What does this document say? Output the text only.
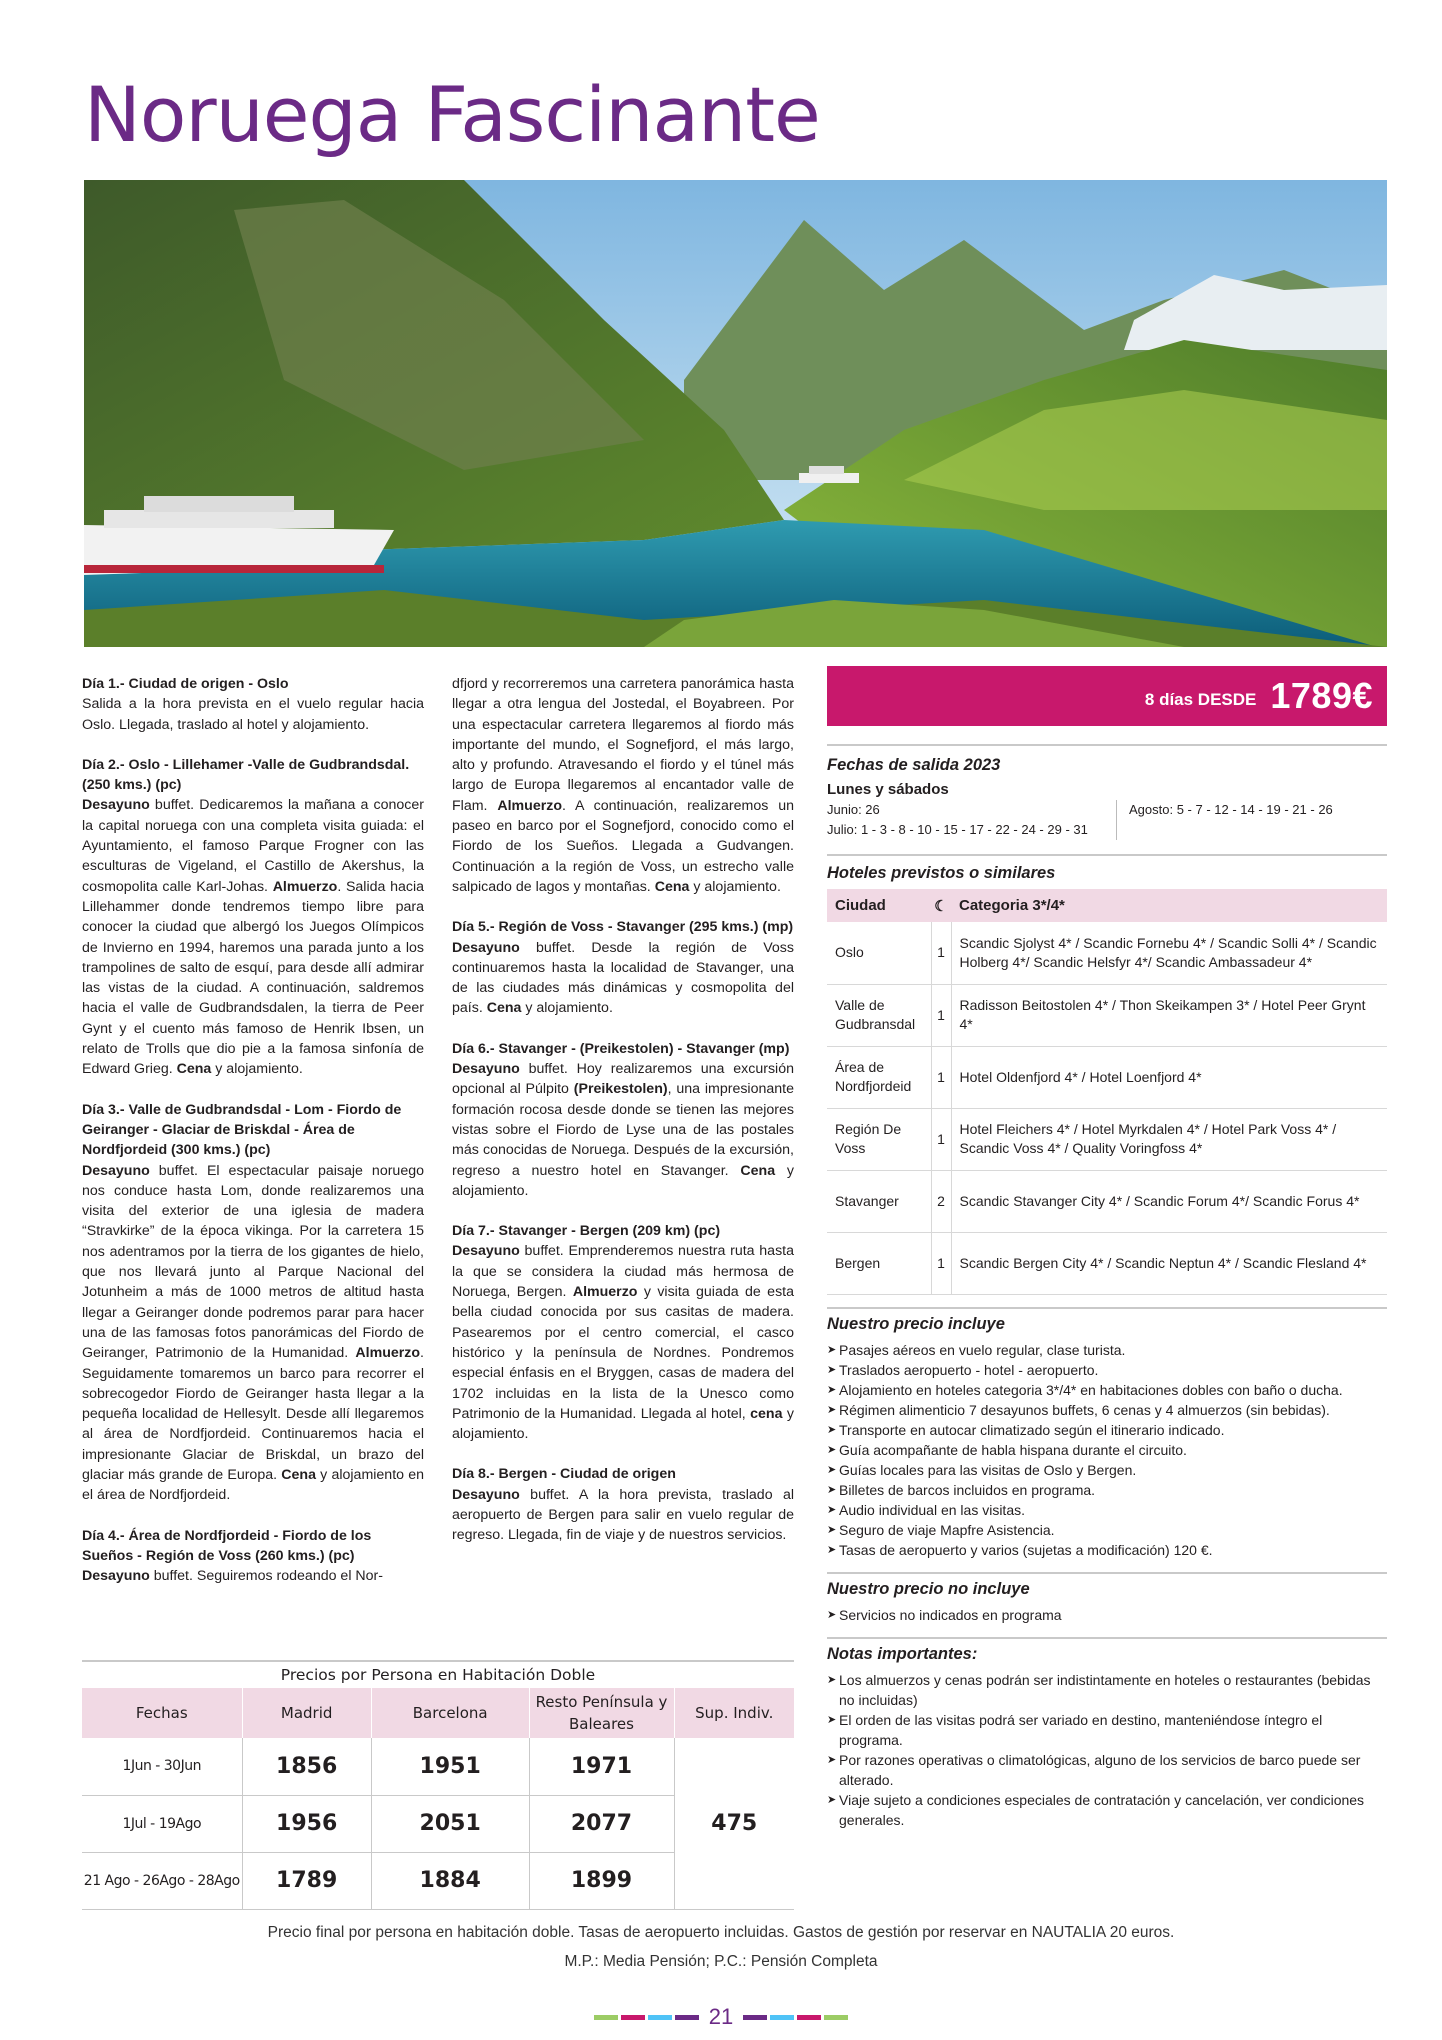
Noruega Fascinante
Día 1.- Ciudad de origen - Oslo

Salida a la hora prevista en el vuelo regular hacia Oslo. Llegada, traslado al hotel y alojamiento.

Día 2.- Oslo - Lillehamer -Valle de Gudbrandsdal.(250 kms.) (pc)

Desayuno buffet. Dedicaremos la mañana a conocer la capital noruega con una completa visita guiada: el Ayuntamiento, el famoso Parque Frogner con las esculturas de Vigeland, el Castillo de Akershus, la cosmopolita calle Karl-Johas. Almuerzo. Salida hacia Lillehammer donde tendremos tiempo libre para conocer la ciudad que albergó los Juegos Olímpicos de Invierno en 1994, haremos una parada junto a los trampolines de salto de esquí, para desde allí admirar las vistas de la ciudad. A continuación, saldremos hacia el valle de Gudbrandsdalen, la tierra de Peer Gynt y el cuento más famoso de Henrik Ibsen, un relato de Trolls que dio pie a la famosa sinfonía de Edward Grieg. Cena y alojamiento.

Día 3.- Valle de Gudbrandsdal - Lom - Fiordo de Geiranger - Glaciar de Briskdal - Área de Nordfjordeid (300 kms.) (pc)

Desayuno buffet. El espectacular paisaje noruego nos conduce hasta Lom, donde realizaremos una visita del exterior de una iglesia de madera “Stravkirke” de la época vikinga. Por la carretera 15 nos adentramos por la tierra de los gigantes de hielo, que nos llevará junto al Parque Nacional del Jotunheim a más de 1000 metros de altitud hasta llegar a Geiranger donde podremos parar para hacer una de las famosas fotos panorámicas del Fiordo de Geiranger, Patrimonio de la Humanidad. Almuerzo. Seguidamente tomaremos un barco para recorrer el sobrecogedor Fiordo de Geiranger hasta llegar a la pequeña localidad de Hellesylt. Desde allí llegaremos al área de Nordfjordeid. Continuaremos hacia el impresionante Glaciar de Briskdal, un brazo del glaciar más grande de Europa. Cena y alojamiento en el área de Nordfjordeid.

Día 4.- Área de Nordfjordeid - Fiordo de los Sueños - Región de Voss (260 kms.) (pc)

Desayuno buffet. Seguiremos rodeando el Nor-

dfjord y recorreremos una carretera panorámica hasta llegar a otra lengua del Jostedal, el Boyabreen. Por una espectacular carretera llegaremos al fiordo más importante del mundo, el Sognefjord, el más largo, alto y profundo. Atravesando el fiordo y el túnel más largo de Europa llegaremos al encantador valle de Flam. Almuerzo. A continuación, realizaremos un paseo en barco por el Sognefjord, conocido como el Fiordo de los Sueños. Llegada a Gudvangen. Continuación a la región de Voss, un estrecho valle salpicado de lagos y montañas. Cena y alojamiento.

Día 5.- Región de Voss - Stavanger (295 kms.) (mp)

Desayuno buffet. Desde la región de Voss continuaremos hasta la localidad de Stavanger, una de las ciudades más dinámicas y cosmopolita del país. Cena y alojamiento.

Día 6.- Stavanger - (Preikestolen) - Stavanger (mp)

Desayuno buffet. Hoy realizaremos una excursión opcional al Púlpito (Preikestolen), una impresionante formación rocosa desde donde se tienen las mejores vistas sobre el Fiordo de Lyse una de las postales más conocidas de Noruega. Después de la excursión, regreso a nuestro hotel en Stavanger. Cena y alojamiento.

Día 7.- Stavanger - Bergen (209 km) (pc)

Desayuno buffet. Emprenderemos nuestra ruta hasta la que se considera la ciudad más hermosa de Noruega, Bergen. Almuerzo y visita guiada de esta bella ciudad conocida por sus casitas de madera. Pasearemos por el centro comercial, el casco histórico y la península de Nordnes. Pondremos especial énfasis en el Bryggen, casas de madera del 1702 incluidas en la lista de la Unesco como Patrimonio de la Humanidad. Llegada al hotel, cena y alojamiento.

Día 8.- Bergen - Ciudad de origen

Desayuno buffet. A la hora prevista, traslado al aeropuerto de Bergen para salir en vuelo regular de regreso. Llegada, fin de viaje y de nuestros servicios.

8 días DESDE 1789€
Fechas de salida 2023
Lunes y sábados
Junio: 26
Julio: 1 - 3 - 8 - 10 - 15 - 17 - 22 - 24 - 29 - 31
Agosto: 5 - 7 - 12 - 14 - 19 - 21 - 26
Hoteles previstos o similares
Ciudad	☾	Categoria 3*/4*
Oslo	1	Scandic Sjolyst 4* / Scandic Fornebu 4* / Scandic Solli 4* / Scandic Holberg 4*/ Scandic Helsfyr 4*/ Scandic Ambassadeur 4*
Valle de Gudbransdal	1	Radisson Beitostolen 4* / Thon Skeikampen 3* / Hotel Peer Grynt 4*
Área de Nordfjordeid	1	Hotel Oldenfjord 4* / Hotel Loenfjord 4*
Región De Voss	1	Hotel Fleichers 4* / Hotel Myrkdalen 4* / Hotel Park Voss 4* / Scandic Voss 4* / Quality Voringfoss 4*
Stavanger	2	Scandic Stavanger City 4* / Scandic Forum 4*/ Scandic Forus 4*
Bergen	1	Scandic Bergen City 4* / Scandic Neptun 4* / Scandic Flesland 4*
Nuestro precio incluye
➤ Pasajes aéreos en vuelo regular, clase turista.
➤ Traslados aeropuerto - hotel - aeropuerto.
➤ Alojamiento en hoteles categoria 3*/4* en habitaciones dobles con baño o ducha.
➤ Régimen alimenticio 7 desayunos buffets, 6 cenas y 4 almuerzos (sin bebidas).
➤ Transporte en autocar climatizado según el itinerario indicado.
➤ Guía acompañante de habla hispana durante el circuito.
➤ Guías locales para las visitas de Oslo y Bergen.
➤ Billetes de barcos incluidos en programa.
➤ Audio individual en las visitas.
➤ Seguro de viaje Mapfre Asistencia.
➤ Tasas de aeropuerto y varios (sujetas a modificación) 120 €.
Nuestro precio no incluye
➤ Servicios no indicados en programa
Notas importantes:
➤ Los almuerzos y cenas podrán ser indistintamente en hoteles o restaurantes (bebidas no incluidas)
➤ El orden de las visitas podrá ser variado en destino, manteniéndose íntegro el programa.
➤ Por razones operativas o climatológicas, alguno de los servicios de barco puede ser alterado.
➤ Viaje sujeto a condiciones especiales de contratación y cancelación, ver condiciones generales.
Precios por Persona en Habitación Doble
Fechas	Madrid	Barcelona	Resto Península y Baleares	Sup. Indiv.
1Jun - 30Jun	1856	1951	1971	475
1Jul - 19Ago	1956	2051	2077	
21 Ago - 26Ago - 28Ago	1789	1884	1899	
Precio final por persona en habitación doble. Tasas de aeropuerto incluidas. Gastos de gestión por reservar en NAUTALIA 20 euros.
M.P.: Media Pensión; P.C.: Pensión Completa
21
